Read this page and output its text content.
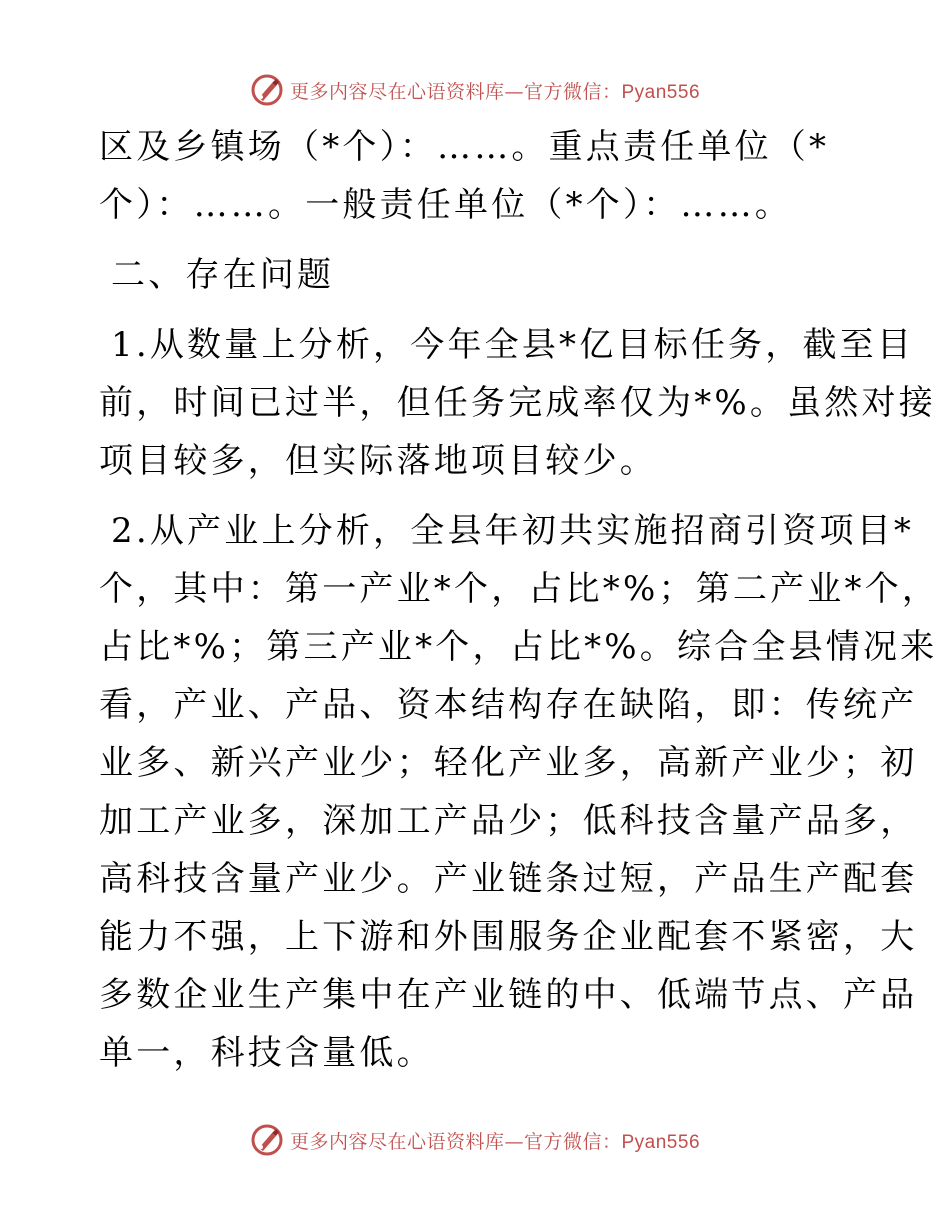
更多内容尽在心语资料库—官方微信：Pyan556

区及乡镇场（*个）：……。重点责任单位（*
个）：……。一般责任单位（*个）：……。

二、存在问题

1.从数量上分析，今年全县*亿目标任务，截至目
前，时间已过半，但任务完成率仅为*%。虽然对接
项目较多，但实际落地项目较少。

2.从产业上分析，全县年初共实施招商引资项目*
个，其中：第一产业*个，占比*%；第二产业*个，
占比*%；第三产业*个，占比*%。综合全县情况来
看，产业、产品、资本结构存在缺陷，即：传统产
业多、新兴产业少；轻化产业多，高新产业少；初
加工产业多，深加工产品少；低科技含量产品多，
高科技含量产业少。产业链条过短，产品生产配套
能力不强，上下游和外围服务企业配套不紧密，大
多数企业生产集中在产业链的中、低端节点、产品
单一，科技含量低。

更多内容尽在心语资料库—官方微信：Pyan556
